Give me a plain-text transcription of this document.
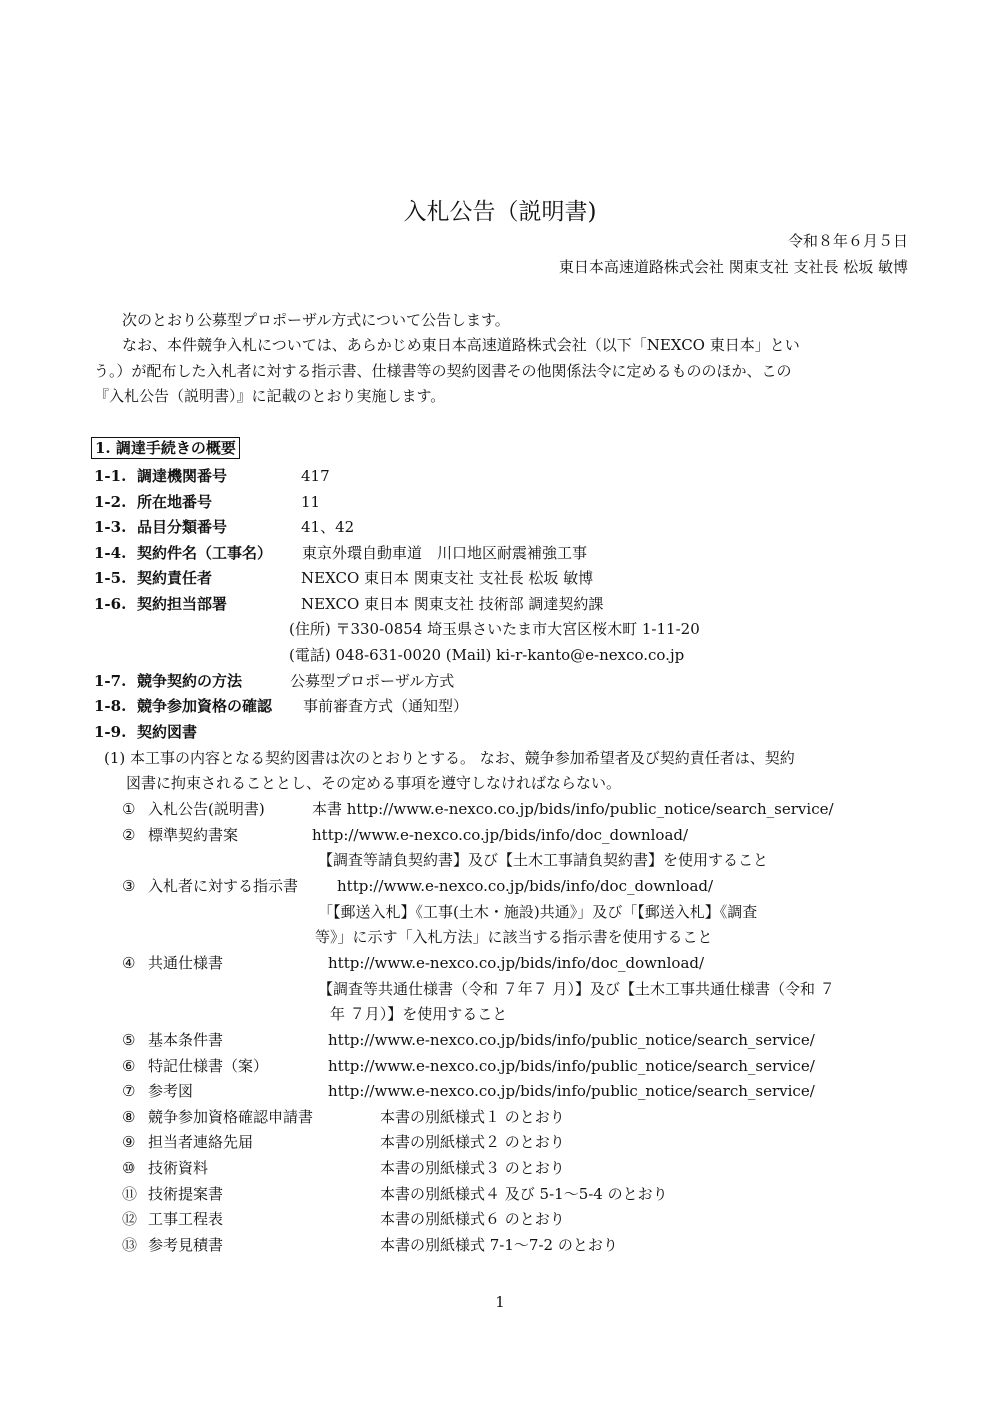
入札公告（説明書)
令和８年６月５日
東日本高速道路株式会社 関東支社 支社長 松坂 敏博
次のとおり公募型プロポーザル方式について公告します。
なお、本件競争入札については、あらかじめ東日本高速道路株式会社（以下「NEXCO 東日本」とい
う。）が配布した入札者に対する指示書、仕様書等の契約図書その他関係法令に定めるもののほか、この
『入札公告（説明書）』に記載のとおり実施します。
1. 調達手続きの概要
1-1. 調達機関番号	417
1-2. 所在地番号	11
1-3. 品目分類番号	41、42
1-4. 契約件名（工事名） 東京外環自動車道　川口地区耐震補強工事
1-5. 契約責任者	NEXCO 東日本 関東支社 支社長 松坂 敏博
1-6. 契約担当部署	NEXCO 東日本 関東支社 技術部 調達契約課
(住所) 〒330-0854 埼玉県さいたま市大宮区桜木町 1-11-20
(電話) 048-631-0020 (Mail) ki-r-kanto@e-nexco.co.jp
1-7. 競争契約の方法	公募型プロポーザル方式
1-8. 競争参加資格の確認 事前審査方式（通知型）
1-9. 契約図書
(1) 本工事の内容となる契約図書は次のとおりとする。 なお、競争参加希望者及び契約責任者は、契約
図書に拘束されることとし、その定める事項を遵守しなければならない。
① 入札公告(説明書)	本書 http://www.e-nexco.co.jp/bids/info/public_notice/search_service/
② 標準契約書案	http://www.e-nexco.co.jp/bids/info/doc_download/
【調査等請負契約書】及び【土木工事請負契約書】を使用すること
③ 入札者に対する指示書	http://www.e-nexco.co.jp/bids/info/doc_download/
「【郵送入札】《工事(土木・施設)共通》」及び「【郵送入札】《調査
等》」に示す「入札方法」に該当する指示書を使用すること
④ 共通仕様書	http://www.e-nexco.co.jp/bids/info/doc_download/
【調査等共通仕様書（令和 ７年７ 月）】及び【土木工事共通仕様書（令和 ７
年 ７月）】を使用すること
⑤ 基本条件書	http://www.e-nexco.co.jp/bids/info/public_notice/search_service/
⑥ 特記仕様書（案）	http://www.e-nexco.co.jp/bids/info/public_notice/search_service/
⑦ 参考図	http://www.e-nexco.co.jp/bids/info/public_notice/search_service/
⑧ 競争参加資格確認申請書	本書の別紙様式１ のとおり
⑨ 担当者連絡先届	本書の別紙様式２ のとおり
⑩ 技術資料	本書の別紙様式３ のとおり
⑪ 技術提案書	本書の別紙様式４ 及び 5-1～5-4 のとおり
⑫ 工事工程表	本書の別紙様式６ のとおり
⑬ 参考見積書	本書の別紙様式 7-1～7-2 のとおり
1
